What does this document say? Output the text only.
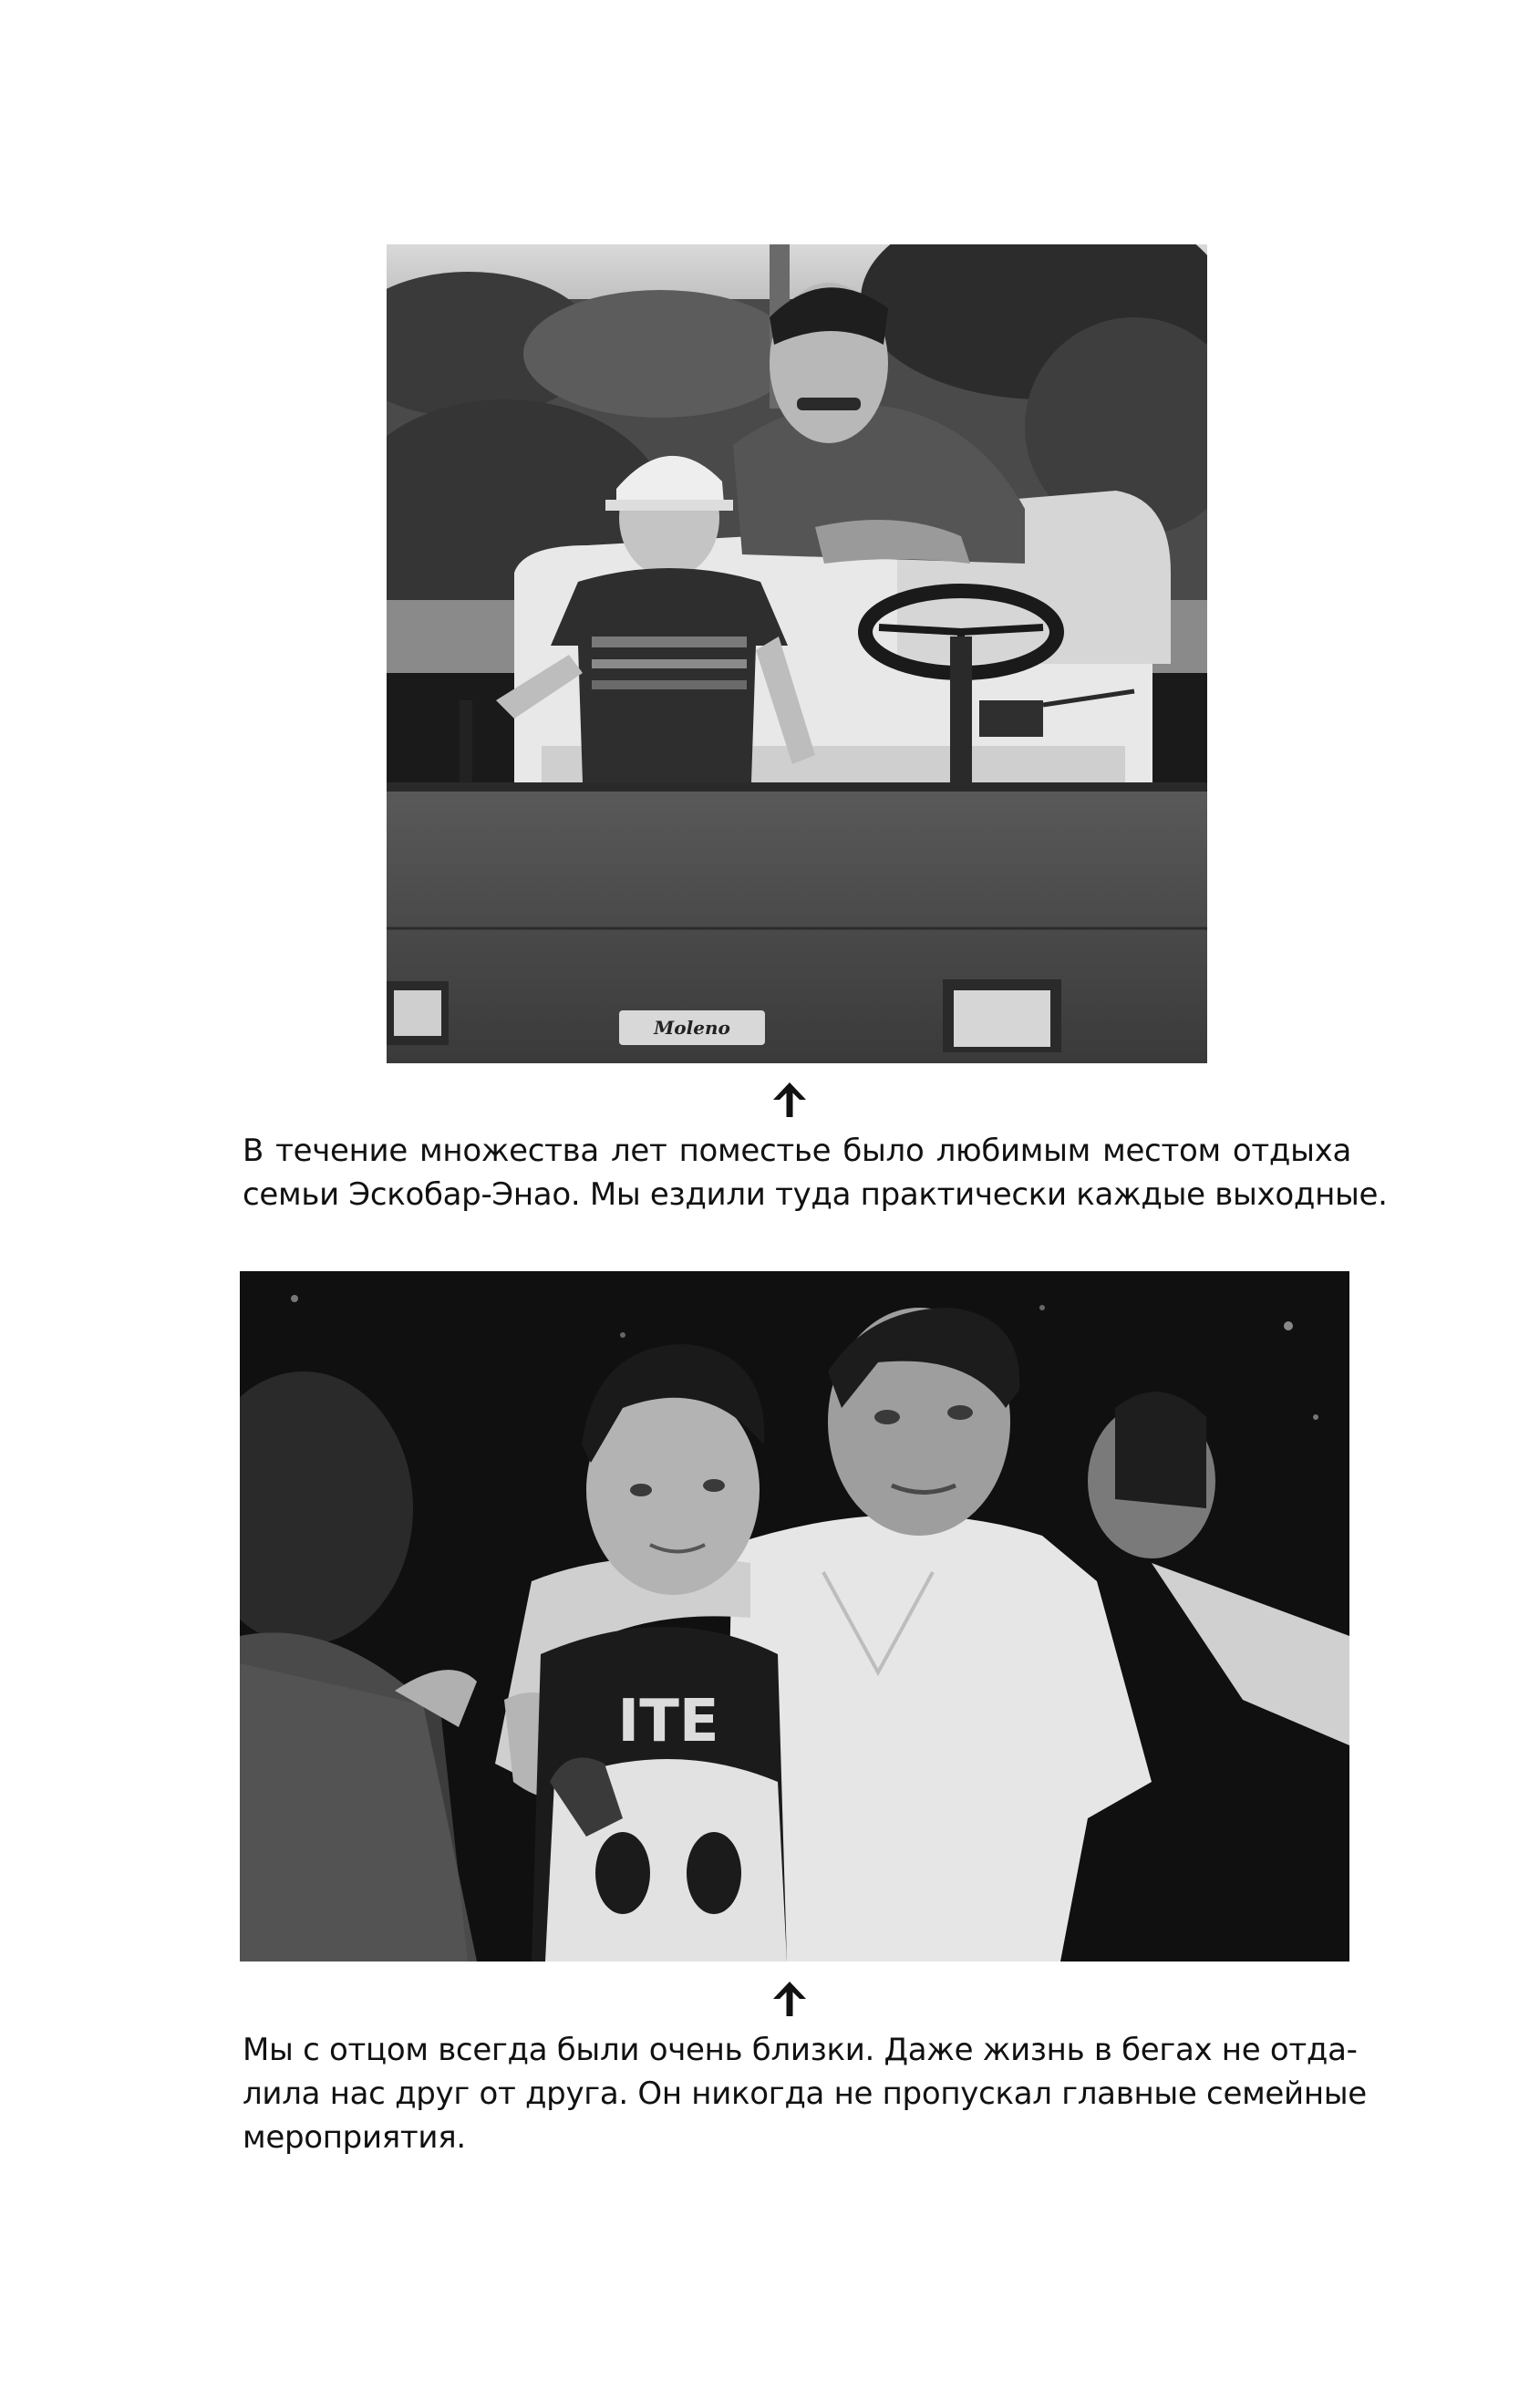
Moleno

В течение множества лет поместье было любимым местом отдыха
семьи Эскобар-Энао. Мы ездили туда практически каждые выходные.

ITE

Мы с отцом всегда были очень близки. Даже жизнь в бегах не отда-
лила нас друг от друга. Он никогда не пропускал главные семейные
мероприятия.
